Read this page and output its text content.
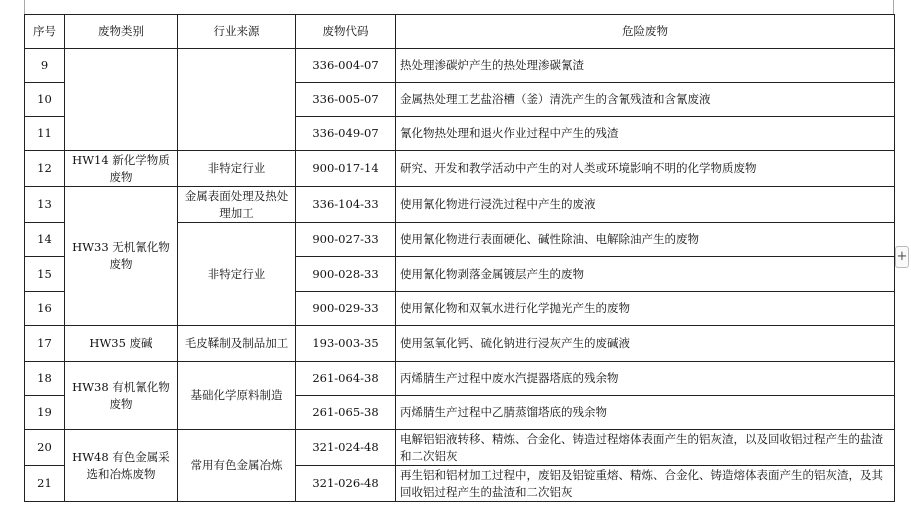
序号	废物类别	行业来源	废物代码	危险废物
9			336-004-07	热处理渗碳炉产生的热处理渗碳氰渣
10			336-005-07	金属热处理工艺盐浴槽（釜）清洗产生的含氰残渣和含氰废液
11			336-049-07	氰化物热处理和退火作业过程中产生的残渣
12	HW14 新化学物质废物	非特定行业	900-017-14	研究、开发和教学活动中产生的对人类或环境影响不明的化学物质废物
13	HW33 无机氰化物废物	金属表面处理及热处理加工	336-104-33	使用氰化物进行浸洗过程中产生的废液
14		非特定行业	900-027-33	使用氰化物进行表面硬化、碱性除油、电解除油产生的废物
15			900-028-33	使用氰化物剥落金属镀层产生的废物
16			900-029-33	使用氰化物和双氧水进行化学抛光产生的废物
17	HW35 废碱	毛皮鞣制及制品加工	193-003-35	使用氢氧化钙、硫化钠进行浸灰产生的废碱液
18	HW38 有机氰化物废物	基础化学原料制造	261-064-38	丙烯腈生产过程中废水汽提器塔底的残余物
19			261-065-38	丙烯腈生产过程中乙腈蒸馏塔底的残余物
20	HW48 有色金属采选和冶炼废物	常用有色金属冶炼	321-024-48	电解铝铝液转移、精炼、合金化、铸造过程熔体表面产生的铝灰渣，以及回收铝过程产生的盐渣和二次铝灰
21			321-026-48	再生铝和铝材加工过程中，废铝及铝锭重熔、精炼、合金化、铸造熔体表面产生的铝灰渣，及其回收铝过程产生的盐渣和二次铝灰
+
